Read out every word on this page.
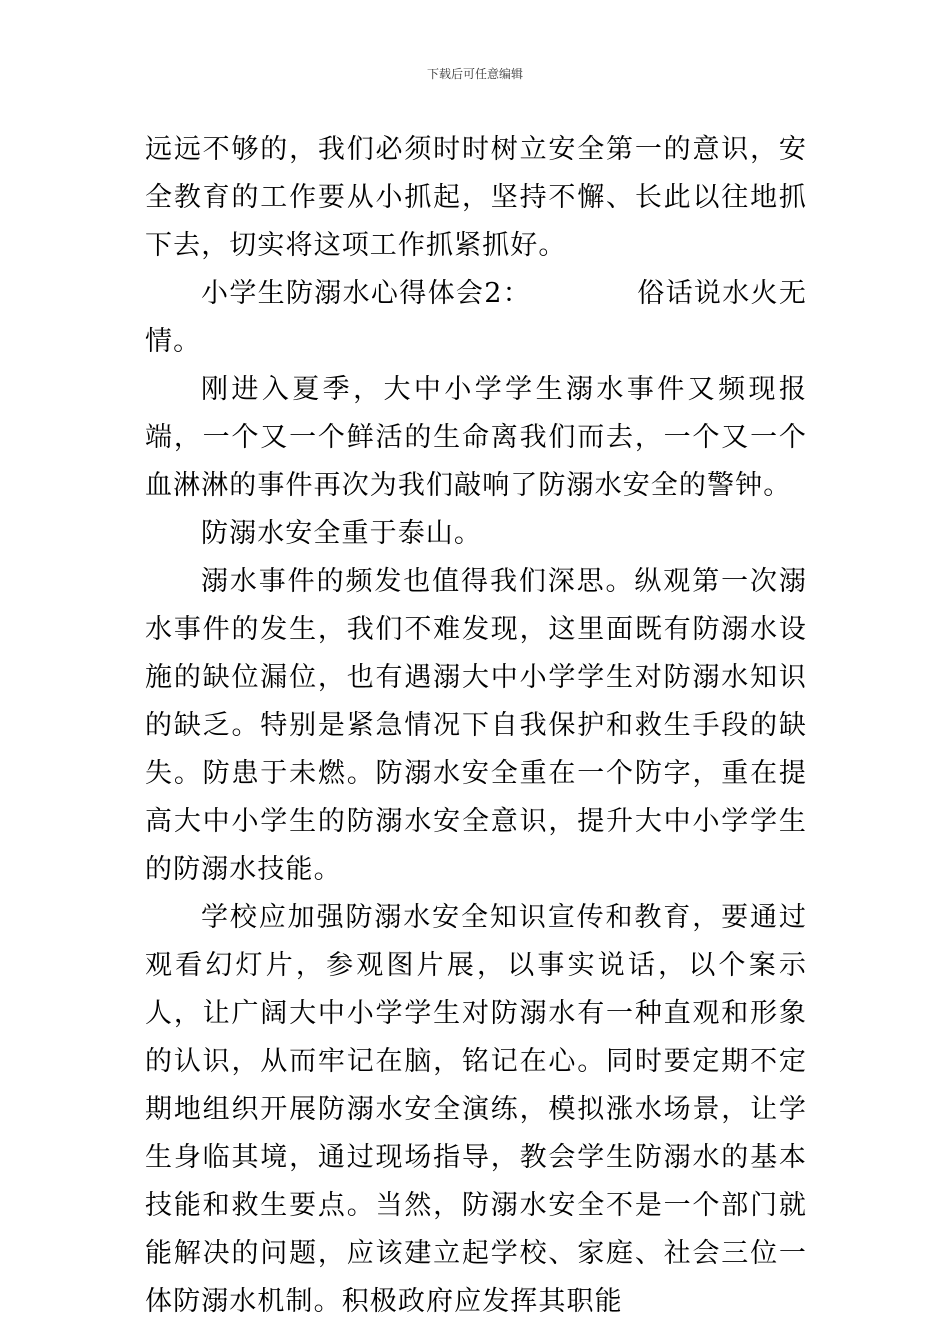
下载后可任意编辑

远远不够的，我们必须时时树立安全第一的意识，安全教育的工作要从小抓起，坚持不懈、长此以往地抓下去，切实将这项工作抓紧抓好。

小学生防溺水心得体会2：	俗话说水火无情。

刚进入夏季，大中小学学生溺水事件又频现报端，一个又一个鲜活的生命离我们而去，一个又一个血淋淋的事件再次为我们敲响了防溺水安全的警钟。

防溺水安全重于泰山。

溺水事件的频发也值得我们深思。纵观第一次溺水事件的发生，我们不难发现，这里面既有防溺水设施的缺位漏位，也有遇溺大中小学学生对防溺水知识的缺乏。特别是紧急情况下自我保护和救生手段的缺失。防患于未燃。防溺水安全重在一个防字，重在提高大中小学生的防溺水安全意识，提升大中小学学生的防溺水技能。

学校应加强防溺水安全知识宣传和教育，要通过观看幻灯片，参观图片展，以事实说话，以个案示人，让广阔大中小学学生对防溺水有一种直观和形象的认识，从而牢记在脑，铭记在心。同时要定期不定期地组织开展防溺水安全演练，模拟涨水场景，让学生身临其境，通过现场指导，教会学生防溺水的基本技能和救生要点。当然，防溺水安全不是一个部门就能解决的问题，应该建立起学校、家庭、社会三位一体防溺水机制。积极政府应发挥其职能
